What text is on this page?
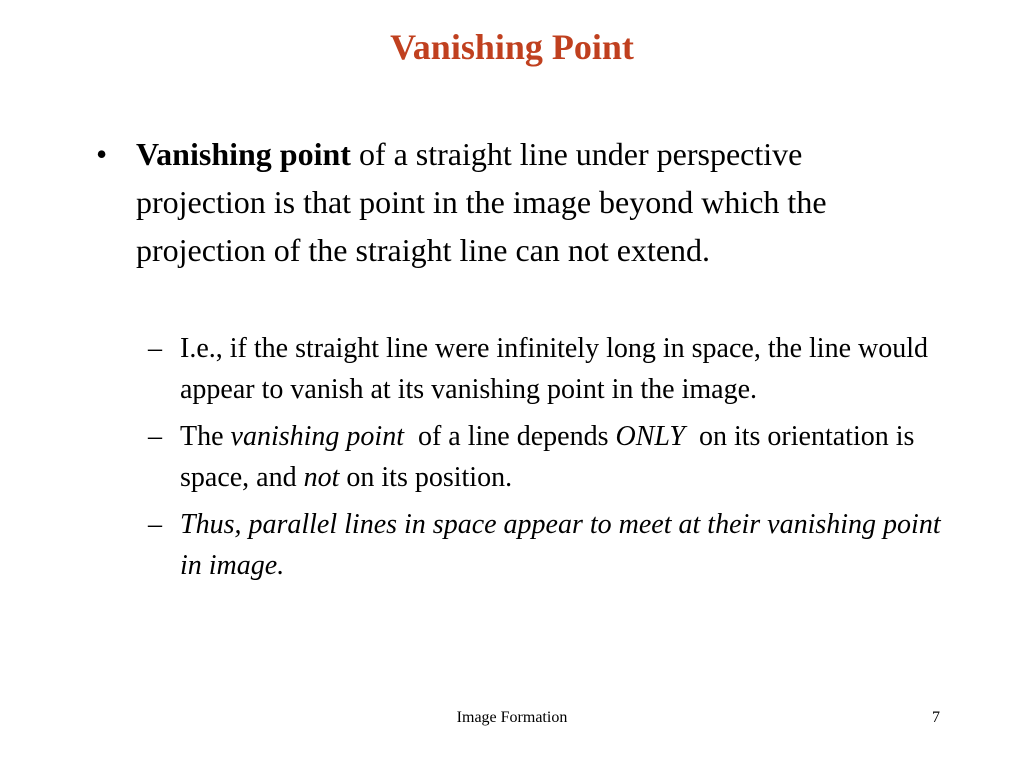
Vanishing Point
• Vanishing point of a straight line under perspective projection is that point in the image beyond which the projection of the straight line can not extend.
– I.e., if the straight line were infinitely long in space, the line would appear to vanish at its vanishing point in the image.
– The vanishing point  of a line depends ONLY  on its orientation is space, and not on its position.
– Thus, parallel lines in space appear to meet at their vanishing point in image.
Image Formation	7
